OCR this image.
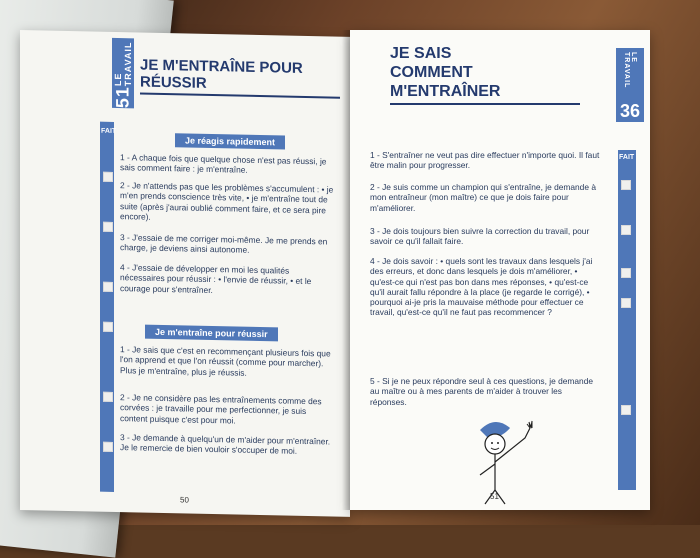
51
LE TRAVAIL JE M'ENTRAÎNE POUR RÉUSSIR
FAIT
Je réagis rapidement
1 - A chaque fois que quelque chose n'est pas réussi, je sais comment faire : je m'entraîne.
2 - Je n'attends pas que les problèmes s'accumulent : • je m'en prends conscience très vite, • je m'entraîne tout de suite (après j'aurai oublié comment faire, et ce sera pire encore).
3 - J'essaie de me corriger moi-même. Je me prends en charge, je deviens ainsi autonome.
4 - J'essaie de développer en moi les qualités nécessaires pour réussir : • l'envie de réussir, • et le courage pour s'entraîner.
Je m'entraîne pour réussir
1 - Je sais que c'est en recommençant plusieurs fois que l'on apprend et que l'on réussit (comme pour marcher). Plus je m'entraîne, plus je réussis.
2 - Je ne considère pas les entraînements comme des corvées : je travaille pour me perfectionner, je suis content puisque c'est pour moi.
3 - Je demande à quelqu'un de m'aider pour m'entraîner. Je le remercie de bien vouloir s'occuper de moi.
50
JE SAIS
COMMENT M'ENTRAÎNER
LE TRAVAIL
36
FAIT
1 - S'entraîner ne veut pas dire effectuer n'importe quoi. Il faut être malin pour progresser.
2 - Je suis comme un champion qui s'entraîne, je demande à mon entraîneur (mon maître) ce que je dois faire pour m'améliorer.
3 - Je dois toujours bien suivre la correction du travail, pour savoir ce qu'il fallait faire.
4 - Je dois savoir : • quels sont les travaux dans lesquels j'ai des erreurs, et donc dans lesquels je dois m'améliorer, • qu'est-ce qui n'est pas bon dans mes réponses, • qu'est-ce qu'il aurait fallu répondre à la place (je regarde le corrigé), • pourquoi ai-je pris la mauvaise méthode pour effectuer ce travail, qu'est-ce qu'il ne faut pas recommencer ?
5 - Si je ne peux répondre seul à ces questions, je demande au maître ou à mes parents de m'aider à trouver les réponses.
51
